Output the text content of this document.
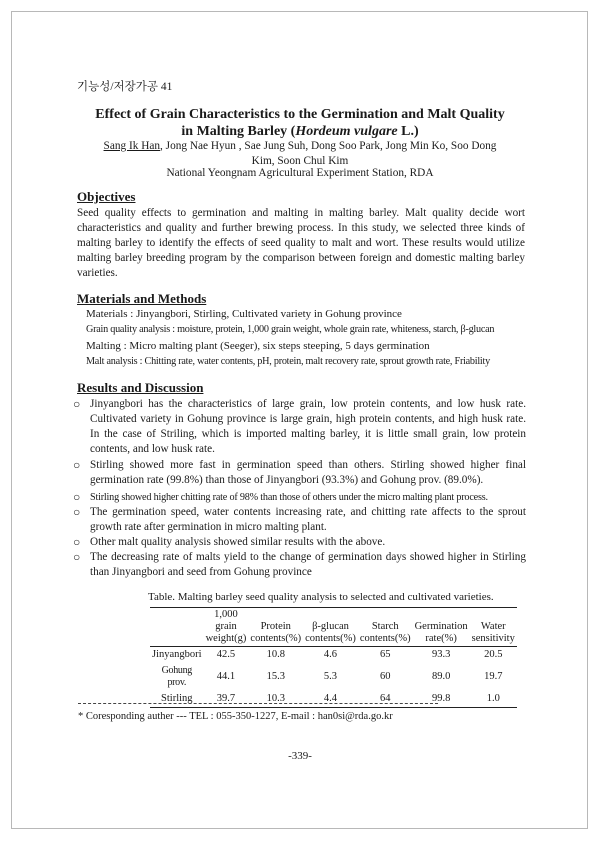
기능성/저장가공 41
Effect of Grain Characteristics to the Germination and Malt Quality
in Malting Barley (Hordeum vulgare L.)
Sang Ik Han, Jong Nae Hyun , Sae Jung Suh, Dong Soo Park, Jong Min Ko, Soo Dong
Kim, Soon Chul Kim
National Yeongnam Agricultural Experiment Station, RDA
Objectives
Seed quality effects to germination and malting in malting barley. Malt quality decide wort characteristics and quality and further brewing process. In this study, we selected three kinds of malting barley to identify the effects of seed quality to malt and wort. These results would utilize malting barley breeding program by the comparison between foreign and domestic malting barley varieties.
Materials and Methods
Materials : Jinyangbori, Stirling, Cultivated variety in Gohung province
Grain quality analysis : moisture, protein, 1,000 grain weight, whole grain rate, whiteness, starch, β-glucan
Malting : Micro malting plant (Seeger), six steps steeping, 5 days germination
Malt analysis : Chitting rate, water contents, pH, protein, malt recovery rate, sprout growth rate, Friability
Results and Discussion
○ Jinyangbori has the characteristics of large grain, low protein contents, and low husk rate. Cultivated variety in Gohung province is large grain, high protein contents, and high husk rate. In the case of Striling, which is imported malting barley, it is little small grain, low protein contents, and low husk rate.
○ Stirling showed more fast in germination speed than others. Stirling showed higher final germination rate (99.8%) than those of Jinyangbori (93.3%) and Gohung prov. (89.0%).
○ Stirling showed higher chitting rate of 98% than those of others under the micro malting plant process.
○ The germination speed, water contents increasing rate, and chitting rate affects to the sprout growth rate after germination in micro malting plant.
○ Other malt quality analysis showed similar results with the above.
○ The decreasing rate of malts yield to the change of germination days showed higher in Stirling than Jinyangbori and seed from Gohung province
Table. Malting barley seed quality analysis to selected and cultivated varieties.
	1,000 grain weight(g)	Protein contents(%)	β-glucan contents(%)	Starch contents(%)	Germination rate(%)	Water sensitivity
Jinyangbori	42.5	10.8	4.6	65	93.3	20.5
Gohung prov.	44.1	15.3	5.3	60	89.0	19.7
Stirling	39.7	10.3	4.4	64	99.8	1.0
* Coresponding auther --- TEL : 055-350-1227, E-mail : han0si@rda.go.kr
-339-
